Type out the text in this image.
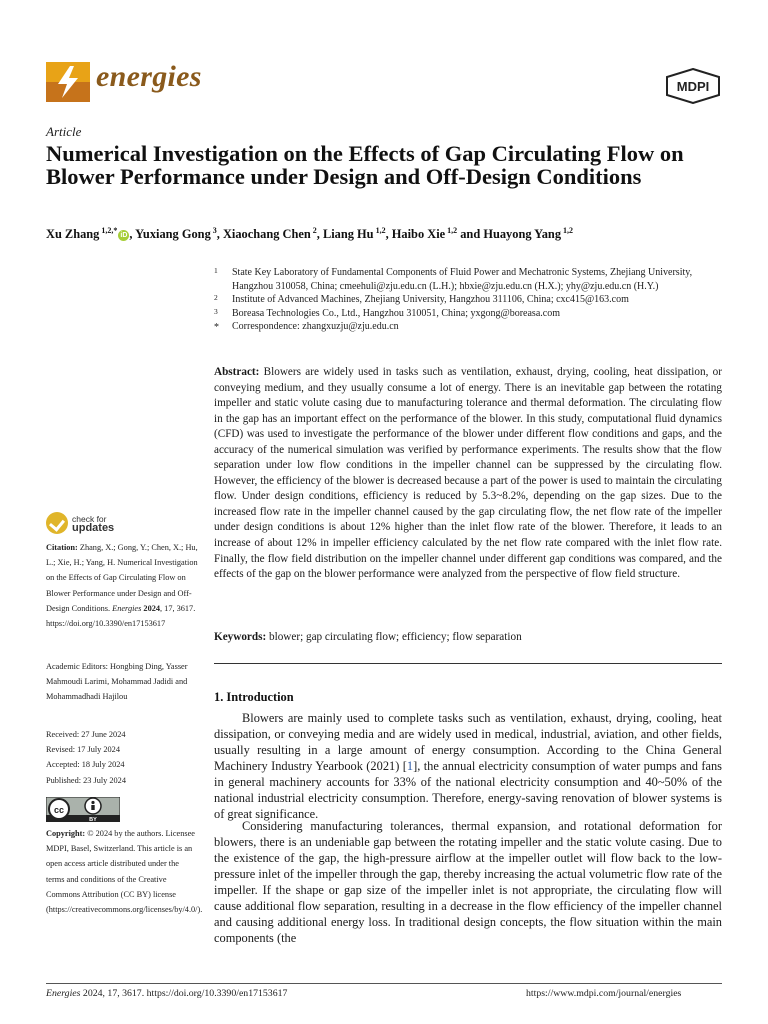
energies	MDPI
Article
Numerical Investigation on the Effects of Gap Circulating Flow on Blower Performance under Design and Off-Design Conditions
Xu Zhang $^{1,2,*}$iD , Yuxiang Gong $^3$, Xiaochang Chen $^2$, Liang Hu $^{1,2}$, Haibo Xie $^{1,2}$ and Huayong Yang $^{1,2}$
1 State Key Laboratory of Fundamental Components of Fluid Power and Mechatronic Systems, Zhejiang University, Hangzhou 310058, China; cmeehuli@zju.edu.cn (L.H.); hbxie@zju.edu.cn (H.X.); yhy@zju.edu.cn (H.Y.)
2 Institute of Advanced Machines, Zhejiang University, Hangzhou 311106, China; cxc415@163.com
3 Boreasa Technologies Co., Ltd., Hangzhou 310051, China; yxgong@boreasa.com
* Correspondence: zhangxuzju@zju.edu.cn
Abstract: Blowers are widely used in tasks such as ventilation, exhaust, drying, cooling, heat dissipation, or conveying medium, and they usually consume a lot of energy. There is an inevitable gap between the rotating impeller and static volute casing due to manufacturing tolerance and thermal deformation. The circulating flow in the gap has an important effect on the performance of the blower. In this study, computational fluid dynamics (CFD) was used to investigate the performance of the blower under different flow conditions and gaps, and the accuracy of the numerical simulation was verified by performance experiments. The results show that the flow separation under low flow conditions in the impeller channel can be suppressed by the circulating flow. However, the efficiency of the blower is decreased because a part of the power is used to maintain the circulating flow. Under design conditions, efficiency is reduced by 5.3~8.2%, depending on the gap sizes. Due to the increased flow rate in the impeller channel caused by the gap circulating flow, the net flow rate of the impeller under design conditions is about 12% higher than the inlet flow rate of the blower. Therefore, it leads to an increase of about 12% in impeller efficiency calculated by the net flow rate compared with the inlet flow rate. Finally, the flow field distribution on the impeller channel under different gap conditions was compared, and the effects of the gap on the blower performance were analyzed from the perspective of flow field structure.
Keywords: blower; gap circulating flow; efficiency; flow separation
check for
updates
Citation: Zhang, X.; Gong, Y.; Chen, X.; Hu, L.; Xie, H.; Yang, H. Numerical Investigation on the Effects of Gap Circulating Flow on Blower Performance under Design and Off-Design Conditions. Energies 2024, 17, 3617. https://doi.org/10.3390/en17153617
Academic Editors: Hongbing Ding, Yasser Mahmoudi Larimi, Mohammad Jadidi and Mohammadhadi Hajilou
Received: 27 June 2024
Revised: 17 July 2024
Accepted: 18 July 2024
Published: 23 July 2024
cc
BY
Copyright: © 2024 by the authors. Licensee MDPI, Basel, Switzerland. This article is an open access article distributed under the terms and conditions of the Creative Commons Attribution (CC BY) license (https://creativecommons.org/licenses/by/4.0/).
1. Introduction
Blowers are mainly used to complete tasks such as ventilation, exhaust, drying, cooling, heat dissipation, or conveying media and are widely used in medical, industrial, aviation, and other fields, usually resulting in a large amount of energy consumption. According to the China General Machinery Industry Yearbook (2021) [1], the annual electricity consumption of water pumps and fans in general machinery accounts for 33% of the national electricity consumption and 40~50% of the national industrial electricity consumption. Therefore, energy-saving renovation of blower systems is of great significance.
Considering manufacturing tolerances, thermal expansion, and rotational deformation for blowers, there is an undeniable gap between the rotating impeller and the static volute casing. Due to the existence of the gap, the high-pressure airflow at the impeller outlet will flow back to the low-pressure inlet of the impeller through the gap, thereby increasing the actual volumetric flow rate of the impeller. If the shape or gap size of the impeller inlet is not appropriate, the circulating flow will cause additional flow separation, resulting in a decrease in the flow efficiency of the impeller channel and causing additional energy loss. In traditional design concepts, the flow situation within the main components (the
Energies 2024, 17, 3617. https://doi.org/10.3390/en17153617	https://www.mdpi.com/journal/energies
